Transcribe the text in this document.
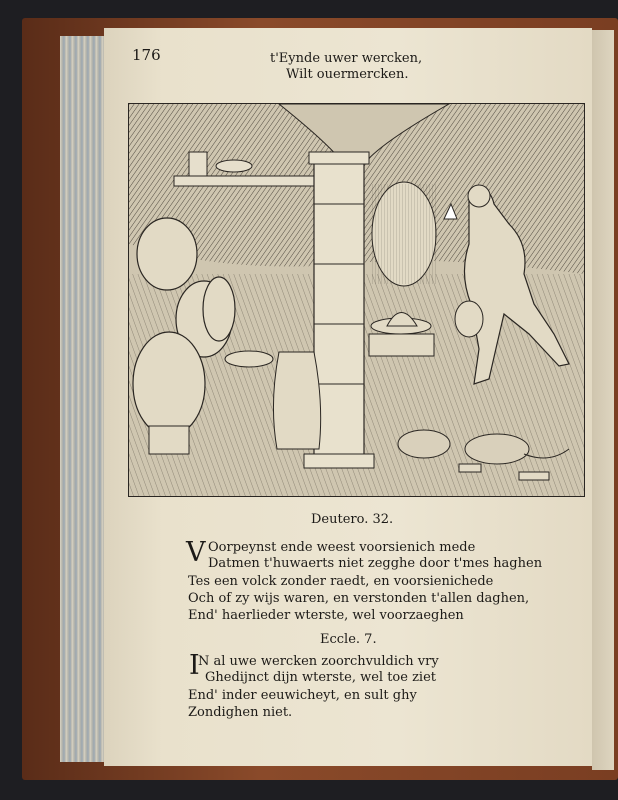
176	t'Eynde uwer wercken,
Wilt ouermercken.
Deutero. 32.
V Oorpeynst ende weest voorsienich mede
Datmen t'huwaerts niet zegghe door t'mes haghen
Tes een volck zonder raedt, en voorsienichede
Och of zy wijs waren, en verstonden t'allen daghen,
End' haerlieder wterste, wel voorzaeghen
Eccle. 7.
I
N al uwe wercken zoorchvuldich vry
Ghedijnct dijn wterste, wel toe ziet
End' inder eeuwicheyt, en sult ghy
Zondighen niet.
